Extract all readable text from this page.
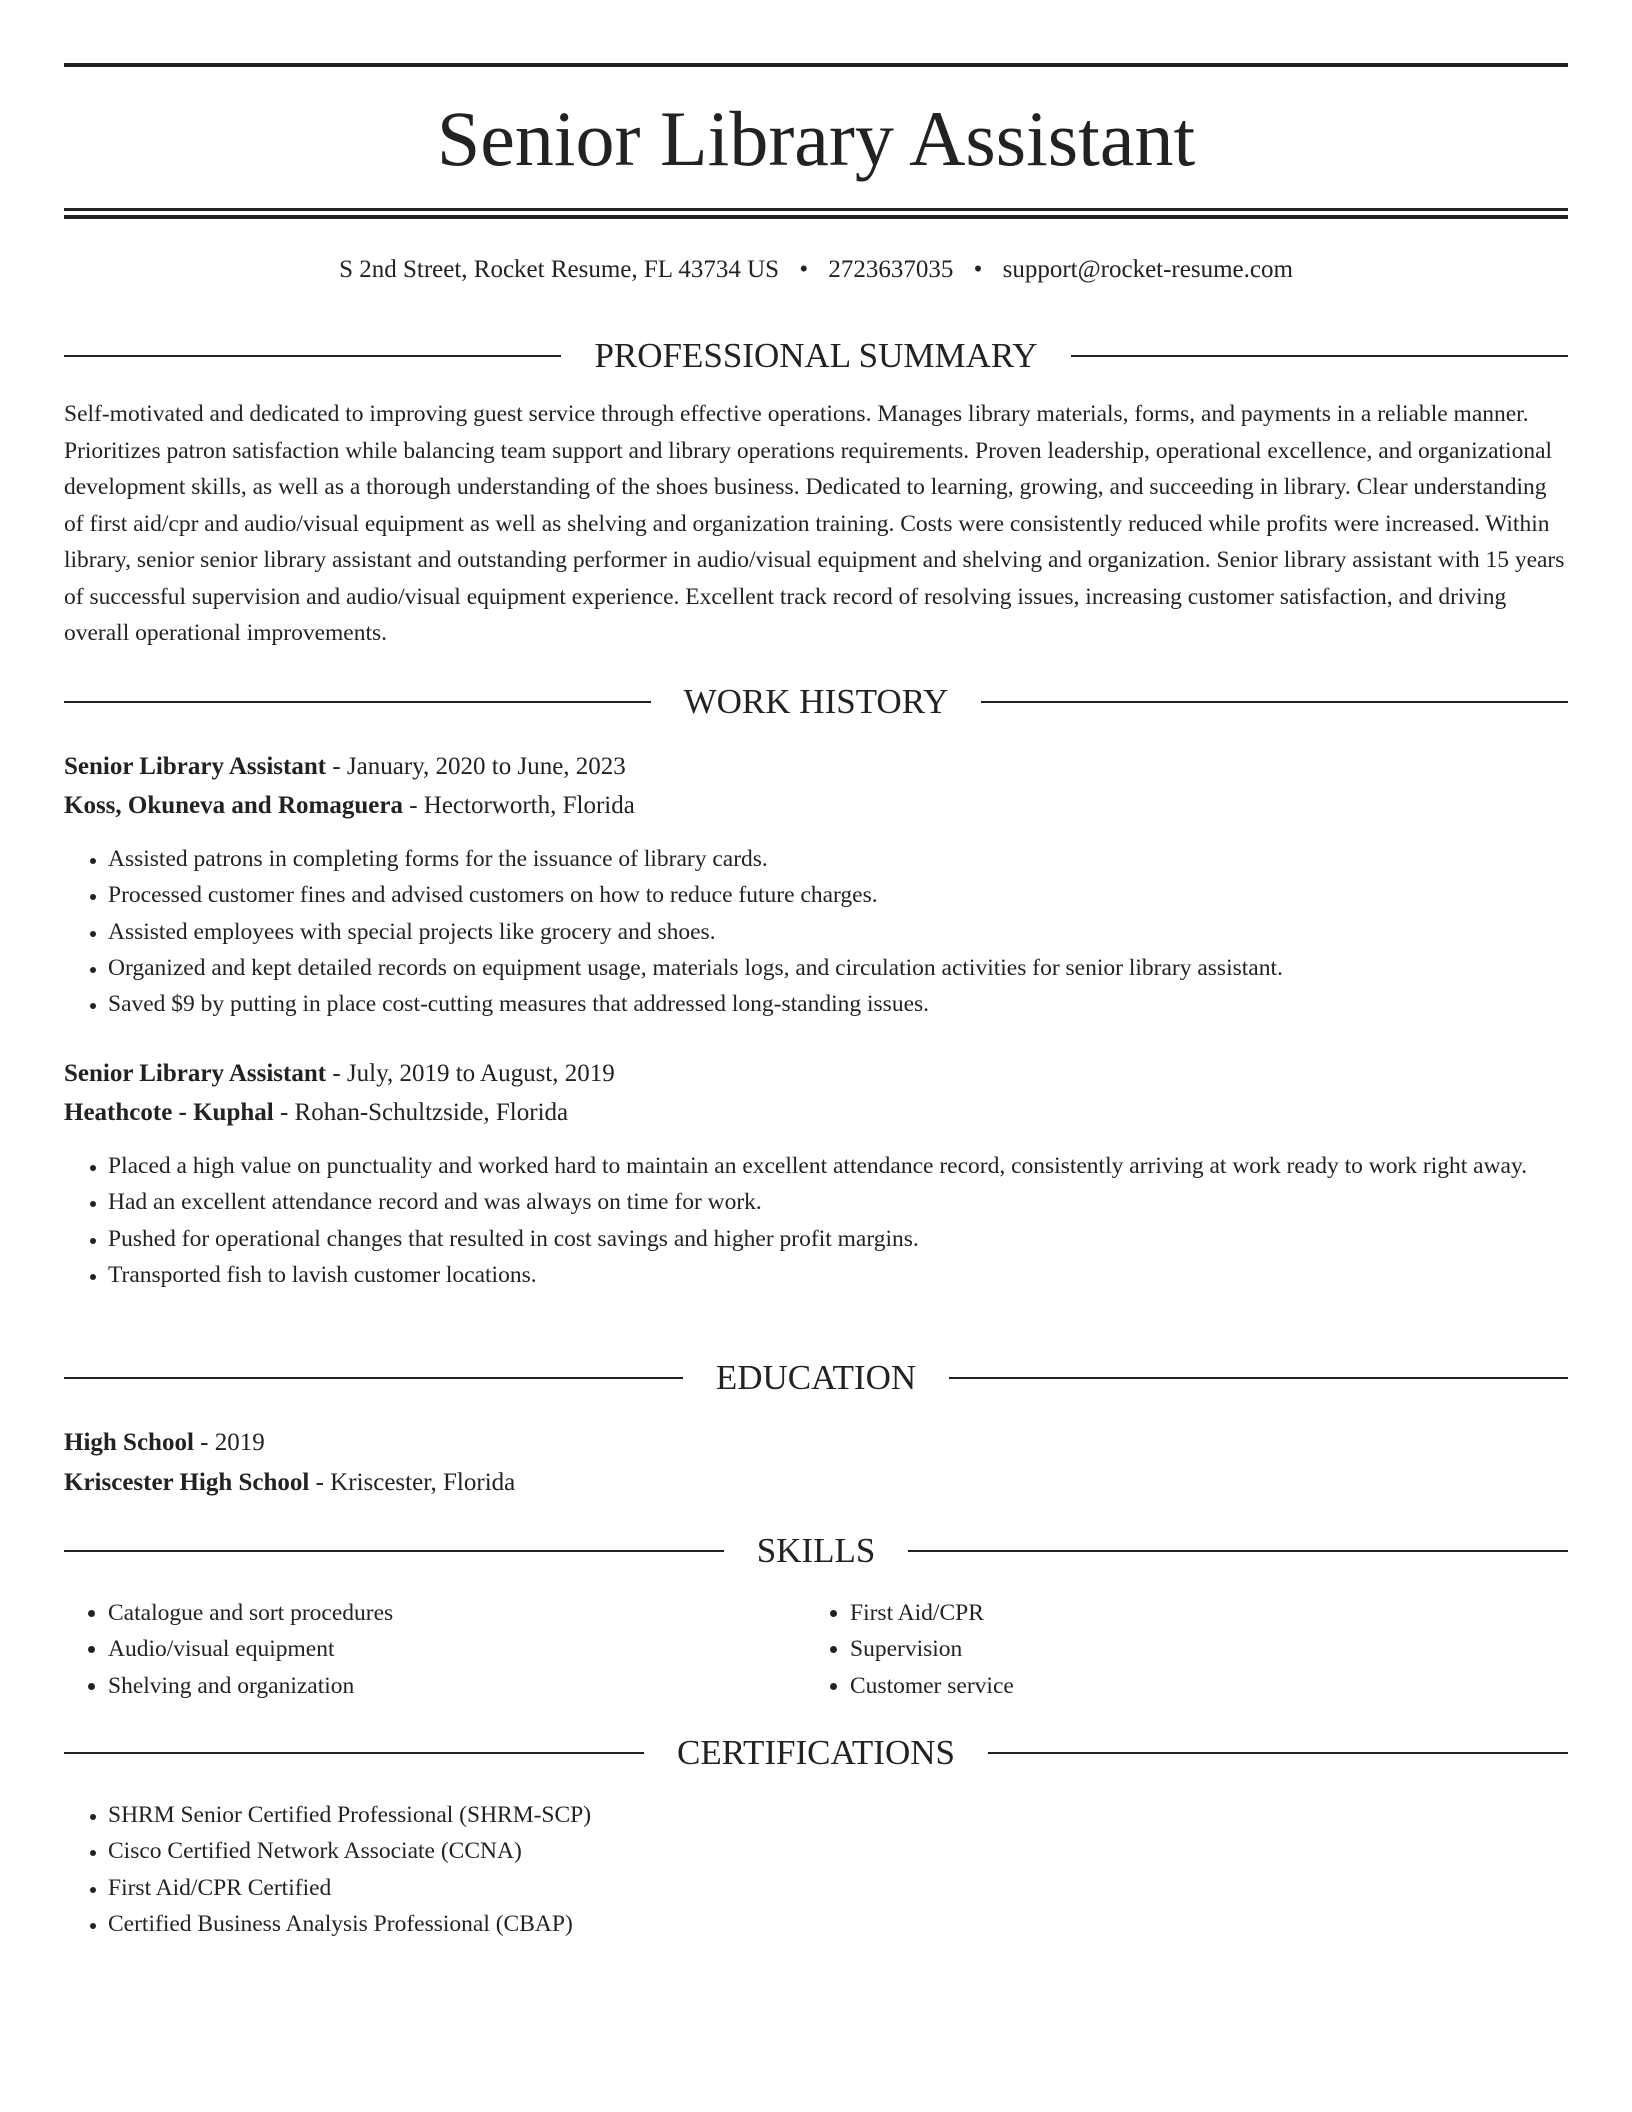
Senior Library Assistant
S 2nd Street, Rocket Resume, FL 43734 US • 2723637035 • support@rocket-resume.com
PROFESSIONAL SUMMARY

Self-motivated and dedicated to improving guest service through effective operations. Manages library materials, forms, and payments in a reliable manner. Prioritizes patron satisfaction while balancing team support and library operations requirements. Proven leadership, operational excellence, and organizational development skills, as well as a thorough understanding of the shoes business. Dedicated to learning, growing, and succeeding in library. Clear understanding of first aid/cpr and audio/visual equipment as well as shelving and organization training. Costs were consistently reduced while profits were increased. Within library, senior senior library assistant and outstanding performer in audio/visual equipment and shelving and organization. Senior library assistant with 15 years of successful supervision and audio/visual equipment experience. Excellent track record of resolving issues, increasing customer satisfaction, and driving overall operational improvements.

WORK HISTORY
Senior Library Assistant - January, 2020 to June, 2023
Koss, Okuneva and Romaguera - Hectorworth, Florida
• Assisted patrons in completing forms for the issuance of library cards.
• Processed customer fines and advised customers on how to reduce future charges.
• Assisted employees with special projects like grocery and shoes.
• Organized and kept detailed records on equipment usage, materials logs, and circulation activities for senior library assistant.
• Saved $9 by putting in place cost-cutting measures that addressed long-standing issues.
Senior Library Assistant - July, 2019 to August, 2019
Heathcote - Kuphal - Rohan-Schultzside, Florida
• Placed a high value on punctuality and worked hard to maintain an excellent attendance record, consistently arriving at work ready to work right away.
• Had an excellent attendance record and was always on time for work.
• Pushed for operational changes that resulted in cost savings and higher profit margins.
• Transported fish to lavish customer locations.
EDUCATION
High School - 2019
Kriscester High School - Kriscester, Florida
SKILLS
• Catalogue and sort procedures
• Audio/visual equipment
• Shelving and organization
• First Aid/CPR
• Supervision
• Customer service
CERTIFICATIONS
• SHRM Senior Certified Professional (SHRM-SCP)
• Cisco Certified Network Associate (CCNA)
• First Aid/CPR Certified
• Certified Business Analysis Professional (CBAP)
